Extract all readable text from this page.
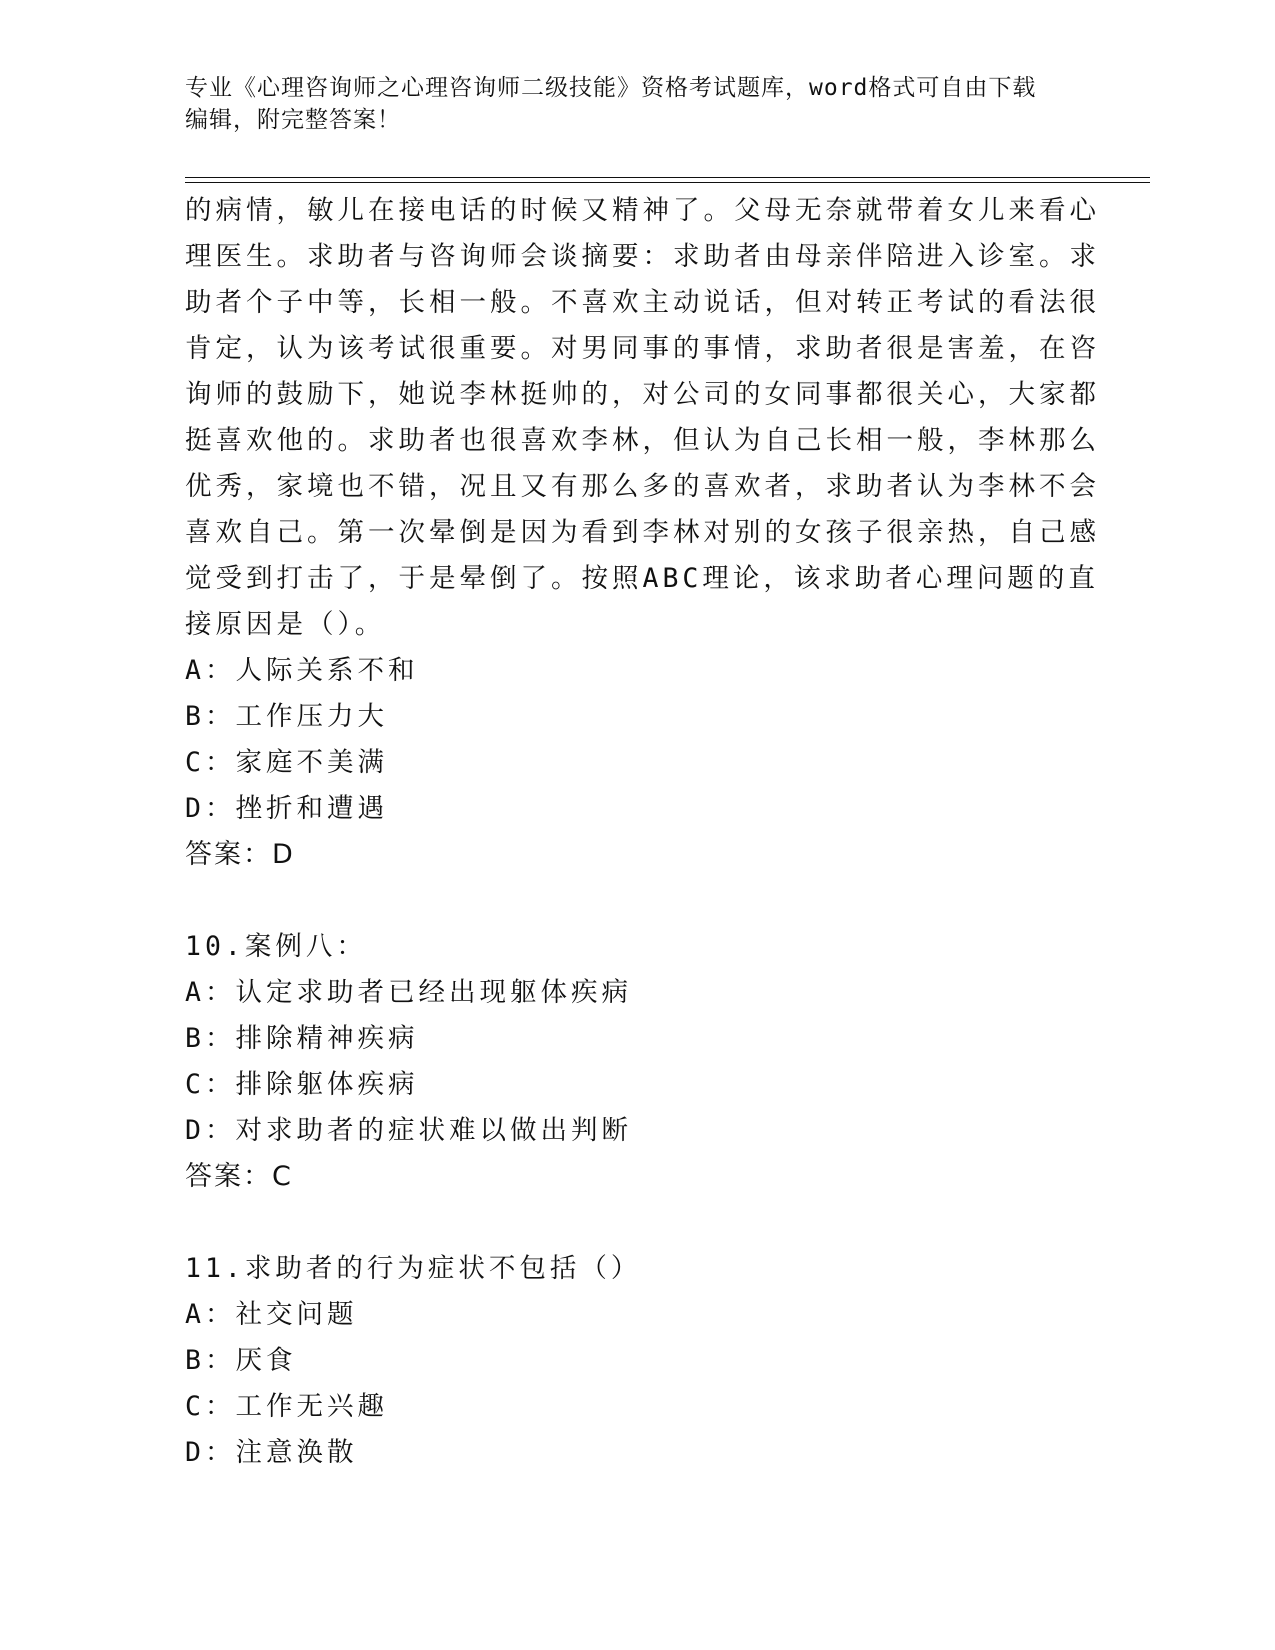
专业《心理咨询师之心理咨询师二级技能》资格考试题库，word格式可自由下载
编辑，附完整答案！
的病情，敏儿在接电话的时候又精神了。父母无奈就带着女儿来看心
理医生。求助者与咨询师会谈摘要：求助者由母亲伴陪进入诊室。求
助者个子中等，长相一般。不喜欢主动说话，但对转正考试的看法很
肯定，认为该考试很重要。对男同事的事情，求助者很是害羞，在咨
询师的鼓励下，她说李林挺帅的，对公司的女同事都很关心，大家都
挺喜欢他的。求助者也很喜欢李林，但认为自己长相一般，李林那么
优秀，家境也不错，况且又有那么多的喜欢者，求助者认为李林不会
喜欢自己。第一次晕倒是因为看到李林对别的女孩子很亲热，自己感
觉受到打击了，于是晕倒了。按照ABC理论，该求助者心理问题的直
接原因是（）。
A：人际关系不和
B：工作压力大
C：家庭不美满
D：挫折和遭遇
答案：D
10.案例八：
A：认定求助者已经出现躯体疾病
B：排除精神疾病
C：排除躯体疾病
D：对求助者的症状难以做出判断
答案：C
11.求助者的行为症状不包括（）
A：社交问题
B：厌食
C：工作无兴趣
D：注意涣散
